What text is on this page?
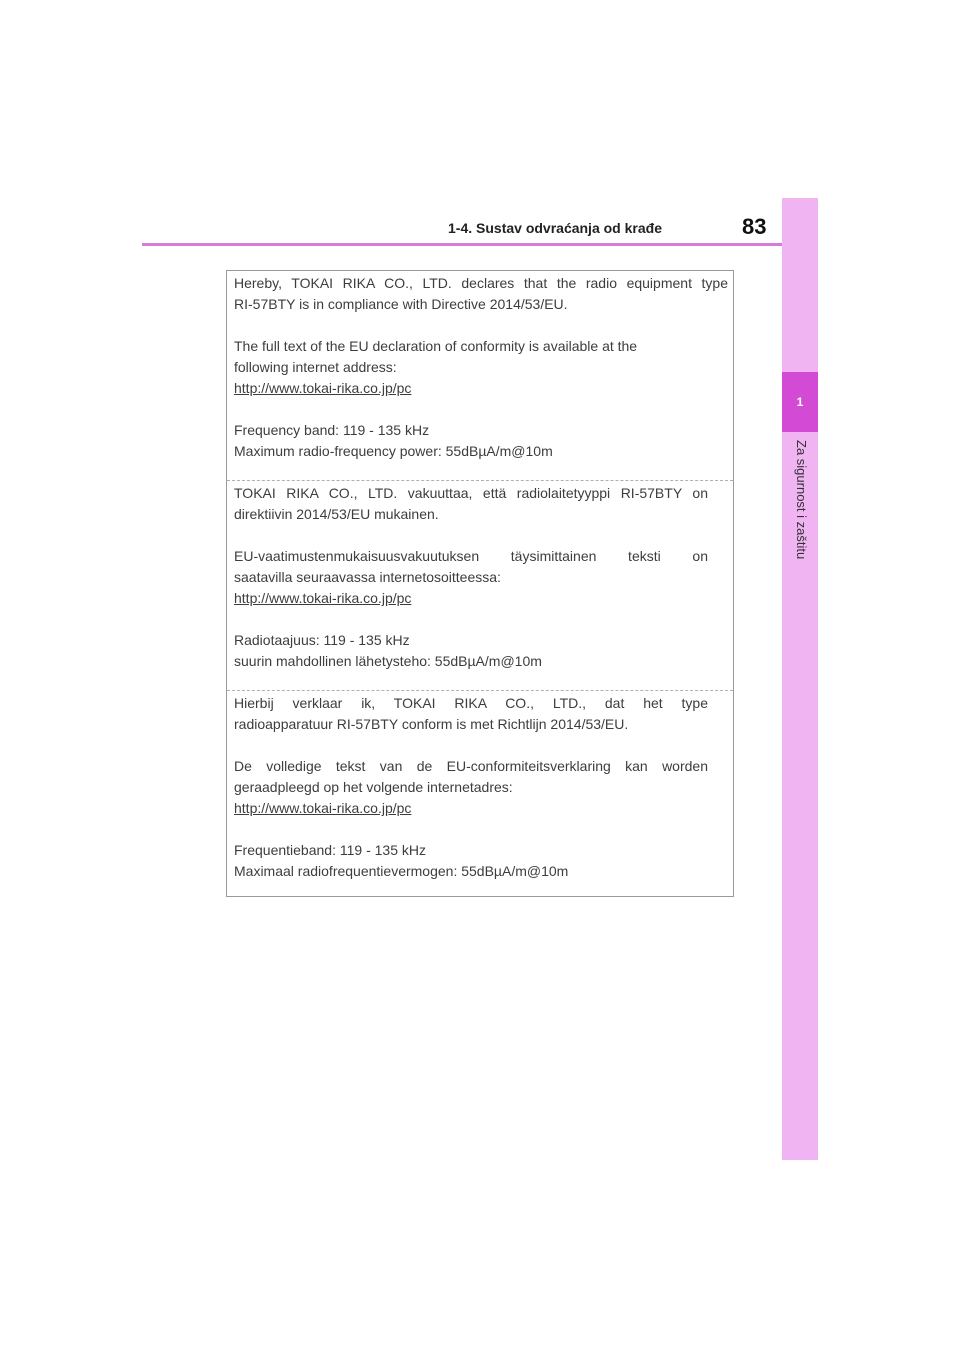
1
Za sigurnost i zaštitu
1-4. Sustav odvraćanja od krađe	83

Hereby, TOKAI RIKA CO., LTD. declares that the radio equipment type

RI-57BTY is in compliance with Directive 2014/53/EU.

The full text of the EU declaration of conformity is available at the

following internet address:

http://www.tokai-rika.co.jp/pc

Frequency band: 119 - 135 kHz

Maximum radio-frequency power: 55dBµA/m@10m

TOKAI RIKA CO., LTD. vakuuttaa, että radiolaitetyyppi RI-57BTY on

direktiivin 2014/53/EU mukainen.

EU-vaatimustenmukaisuusvakuutuksen täysimittainen teksti on

saatavilla seuraavassa internetosoitteessa:

http://www.tokai-rika.co.jp/pc

Radiotaajuus: 119 - 135 kHz

suurin mahdollinen lähetysteho: 55dBµA/m@10m

Hierbij verklaar ik, TOKAI RIKA CO., LTD., dat het type

radioapparatuur RI-57BTY conform is met Richtlijn 2014/53/EU.

De volledige tekst van de EU-conformiteitsverklaring kan worden

geraadpleegd op het volgende internetadres:

http://www.tokai-rika.co.jp/pc

Frequentieband: 119 - 135 kHz

Maximaal radiofrequentievermogen: 55dBµA/m@10m
